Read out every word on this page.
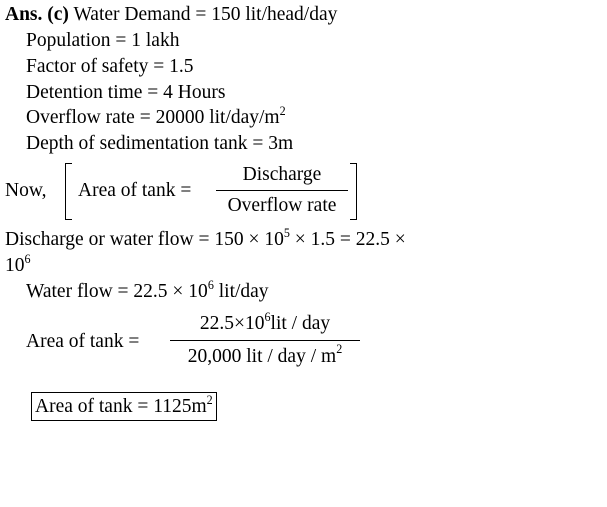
Ans. (c) Water Demand = 150 lit/head/day
Population = 1 lakh
Factor of safety = 1.5
Detention time = 4 Hours
Overflow rate = 20000 lit/$day/m^2$
Depth of sedimentation tank = 3m
Now, Area of tank =
Discharge
Overflow rate
Discharge or water flow = $150 \times 10^5 \times 1.5 = 22.5$ ×
$10^6$
Water flow = $22.5 \times 10^6$ lit/day
Area of tank =
$22.5\times 10^6lit$ / day
20,000 lit / day / $m^2$
Area of $\tan k = 1125m^2$
